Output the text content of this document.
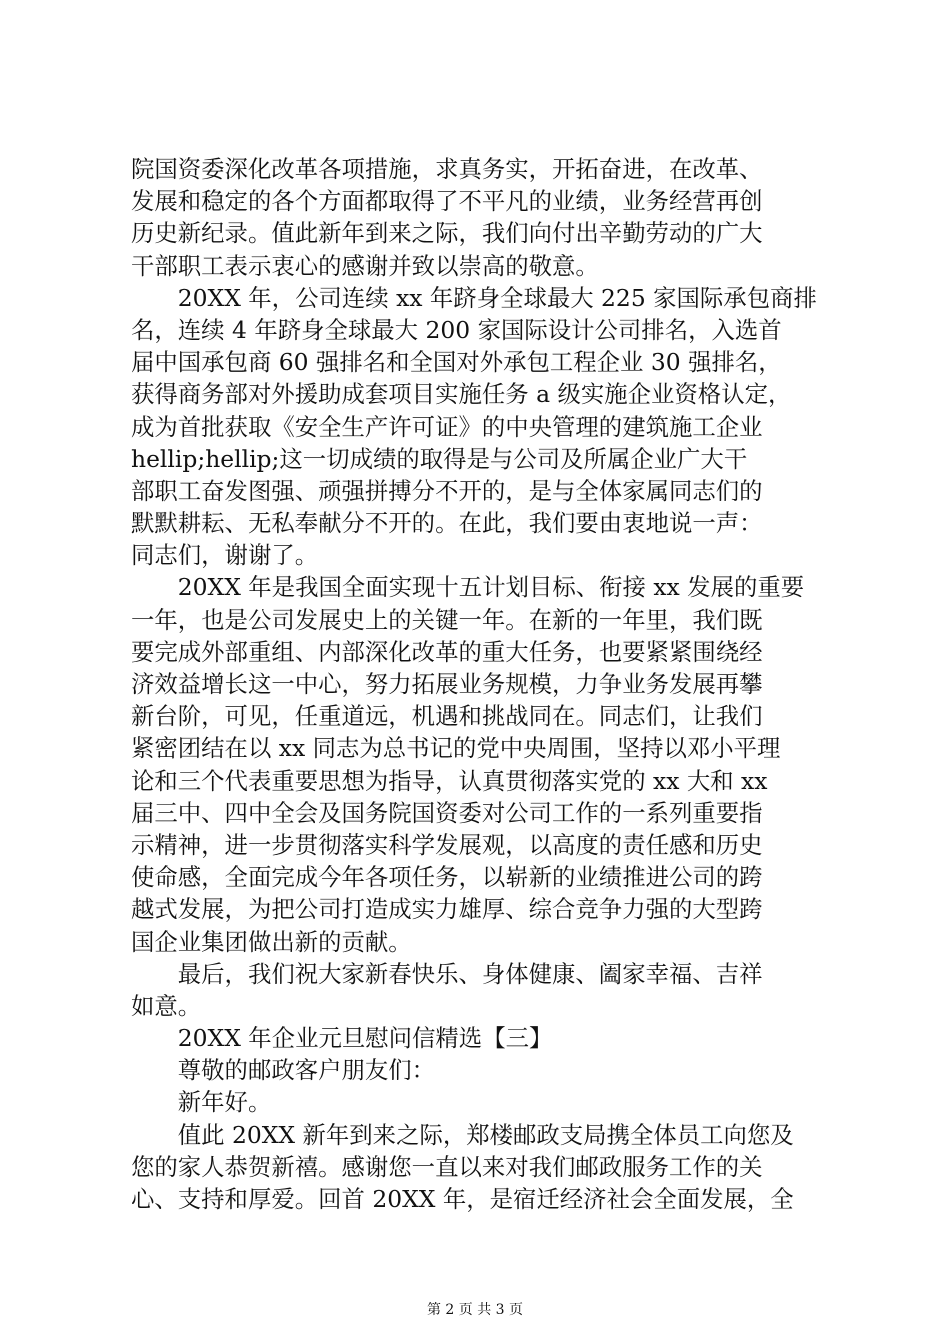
院国资委深化改革各项措施，求真务实，开拓奋进，在改革、
发展和稳定的各个方面都取得了不平凡的业绩，业务经营再创
历史新纪录。值此新年到来之际，我们向付出辛勤劳动的广大
干部职工表示衷心的感谢并致以崇高的敬意。
　　20XX 年，公司连续 xx 年跻身全球最大 225 家国际承包商排
名，连续 4 年跻身全球最大 200 家国际设计公司排名，入选首
届中国承包商 60 强排名和全国对外承包工程企业 30 强排名，
获得商务部对外援助成套项目实施任务 a 级实施企业资格认定，
成为首批获取《安全生产许可证》的中央管理的建筑施工企业
hellip;hellip;这一切成绩的取得是与公司及所属企业广大干
部职工奋发图强、顽强拼搏分不开的，是与全体家属同志们的
默默耕耘、无私奉献分不开的。在此，我们要由衷地说一声：
同志们，谢谢了。
　　20XX 年是我国全面实现十五计划目标、衔接 xx 发展的重要
一年，也是公司发展史上的关键一年。在新的一年里，我们既
要完成外部重组、内部深化改革的重大任务，也要紧紧围绕经
济效益增长这一中心，努力拓展业务规模，力争业务发展再攀
新台阶，可见，任重道远，机遇和挑战同在。同志们，让我们
紧密团结在以 xx 同志为总书记的党中央周围，坚持以邓小平理
论和三个代表重要思想为指导，认真贯彻落实党的 xx 大和 xx
届三中、四中全会及国务院国资委对公司工作的一系列重要指
示精神，进一步贯彻落实科学发展观，以高度的责任感和历史
使命感，全面完成今年各项任务，以崭新的业绩推进公司的跨
越式发展，为把公司打造成实力雄厚、综合竞争力强的大型跨
国企业集团做出新的贡献。
　　最后，我们祝大家新春快乐、身体健康、阖家幸福、吉祥
如意。
　　20XX 年企业元旦慰问信精选【三】
　　尊敬的邮政客户朋友们：
　　新年好。
　　值此 20XX 新年到来之际，郑楼邮政支局携全体员工向您及
您的家人恭贺新禧。感谢您一直以来对我们邮政服务工作的关
心、支持和厚爱。回首 20XX 年，是宿迁经济社会全面发展，全
第 2 页 共 3 页
